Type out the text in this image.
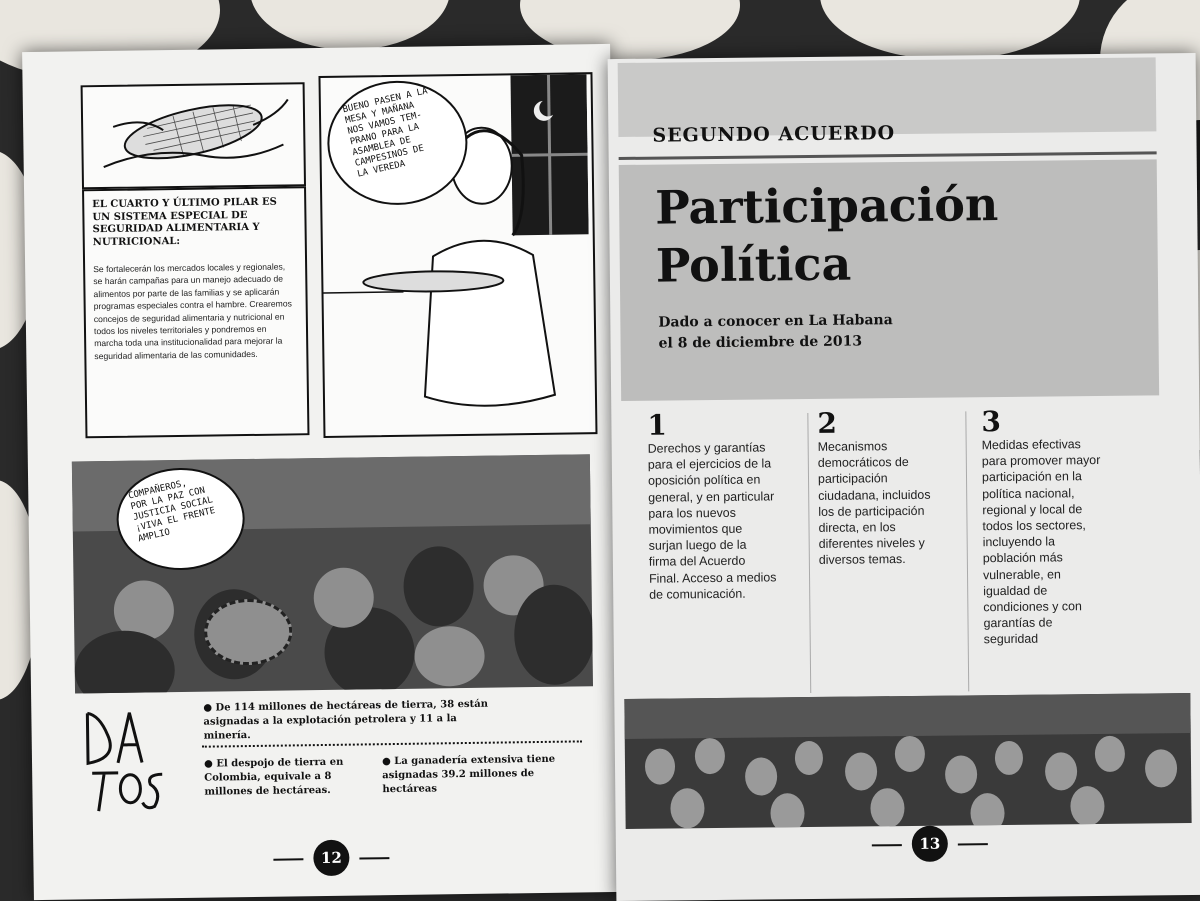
EL CUARTO Y ÚLTIMO PILAR ES UN SISTEMA ESPECIAL DE SEGURIDAD ALIMENTARIA Y NUTRICIONAL:
Se fortalecerán los mercados locales y regionales, se harán campañas para un manejo adecuado de alimentos por parte de las familias y se aplicarán programas especiales contra el hambre. Crearemos concejos de seguridad alimentaria y nutricional en todos los niveles territoriales y pondremos en marcha toda una institucionalidad para mejorar la seguridad alimentaria de las comunidades.
BUENO PASEN A LA
MESA Y MAÑANA
NOS VAMOS TEM-
PRANO PARA LA
ASAMBLEA DE
CAMPESINOS DE
LA VEREDA
COMPAÑEROS,
POR LA PAZ CON
JUSTICIA SOCIAL
¡VIVA EL FRENTE
AMPLIO
● De 114 millones de hectáreas de tierra, 38 están asignadas a la explotación petrolera y 11 a la minería.
● El despojo de tierra en Colombia, equivale a 8 millones de hectáreas.
● La ganadería extensiva tiene asignadas 39.2 millones de hectáreas
12
SEGUNDO ACUERDO
Participación
Política
Dado a conocer en La Habana
el 8 de diciembre de 2013
1
Derechos y garantías para el ejercicios de la oposición política en general, y en particular para los nuevos movimientos que surjan luego de la firma del Acuerdo Final. Acceso a medios de comunicación.
2
Mecanismos democráticos de participación ciudadana, incluidos los de participación directa, en los diferentes niveles y diversos temas.
3
Medidas efectivas para promover mayor participación en la política nacional, regional y local de todos los sectores, incluyendo la población más vulnerable, en igualdad de condiciones y con garantías de seguridad
13
